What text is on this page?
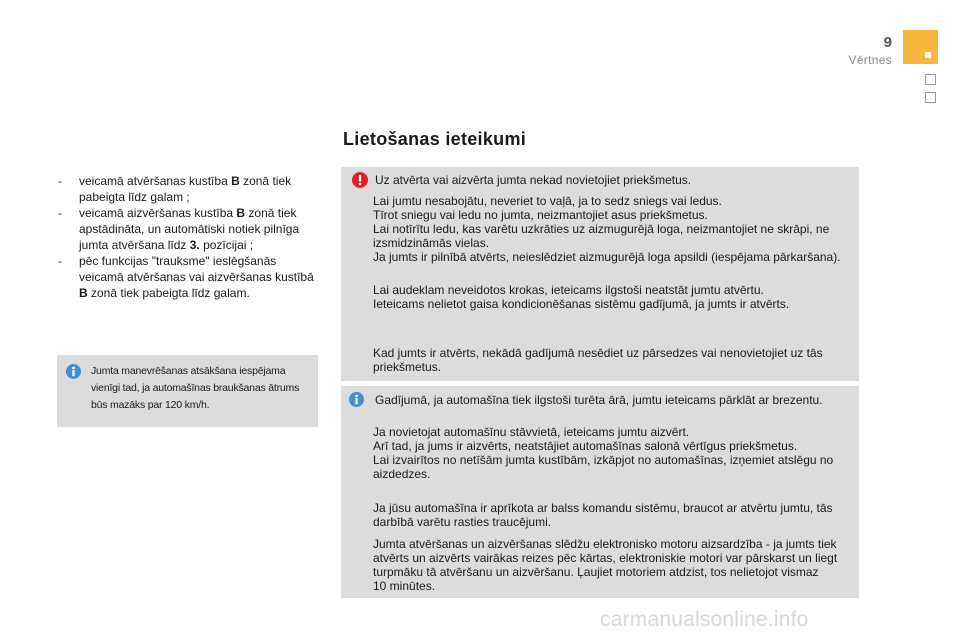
9
Vērtnes
- veicamā atvēršanas kustība B zonā tiek pabeigta līdz galam ;
- veicamā aizvēršanas kustība B zonā tiek apstādināta, un automātiski notiek pilnīga jumta atvēršana līdz 3. pozīcijai ;
- pēc funkcijas "trauksme" ieslēgšanās veicamā atvēršanas vai aizvēršanas kustībā B zonā tiek pabeigta līdz galam.
Jumta manevrēšanas atsākšana iespējama vienīgi tad, ja automašīnas braukšanas ātrums būs mazāks par 120 km/h.
Lietošanas ieteikumi
Uz atvērta vai aizvērta jumta nekad novietojiet priekšmetus.
Lai jumtu nesabojātu, neveriet to vaļā, ja to sedz sniegs vai ledus.
Tīrot sniegu vai ledu no jumta, neizmantojiet asus priekšmetus.
Lai notīrītu ledu, kas varētu uzkrāties uz aizmugurējā loga, neizmantojiet ne skrāpi, ne
izsmidzināmās vielas.
Ja jumts ir pilnībā atvērts, neieslēdziet aizmugurējā loga apsildi (iespējama pārkaršana).
Lai audeklam neveidotos krokas, ieteicams ilgstoši neatstāt jumtu atvērtu.
Ieteicams nelietot gaisa kondicionēšanas sistēmu gadījumā, ja jumts ir atvērts.
Kad jumts ir atvērts, nekādā gadījumā nesēdiet uz pārsedzes vai nenovietojiet uz tās
priekšmetus.
Gadījumā, ja automašīna tiek ilgstoši turēta ārā, jumtu ieteicams pārklāt ar brezentu.
Ja novietojat automašīnu stāvvietā, ieteicams jumtu aizvērt.
Arī tad, ja jums ir aizvērts, neatstājiet automašīnas salonā vērtīgus priekšmetus.
Lai izvairītos no netīšām jumta kustībām, izkāpjot no automašīnas, izņemiet atslēgu no
aizdedzes.
Ja jūsu automašīna ir aprīkota ar balss komandu sistēmu, braucot ar atvērtu jumtu, tās
darbībā varētu rasties traucējumi.
Jumta atvēršanas un aizvēršanas slēdžu elektronisko motoru aizsardzība - ja jumts tiek
atvērts un aizvērts vairākas reizes pēc kārtas, elektroniskie motori var pārskarst un liegt
turpmāku tā atvēršanu un aizvēršanu. Ļaujiet motoriem atdzist, tos nelietojot vismaz
10 minūtes.
carmanualsonline.info
